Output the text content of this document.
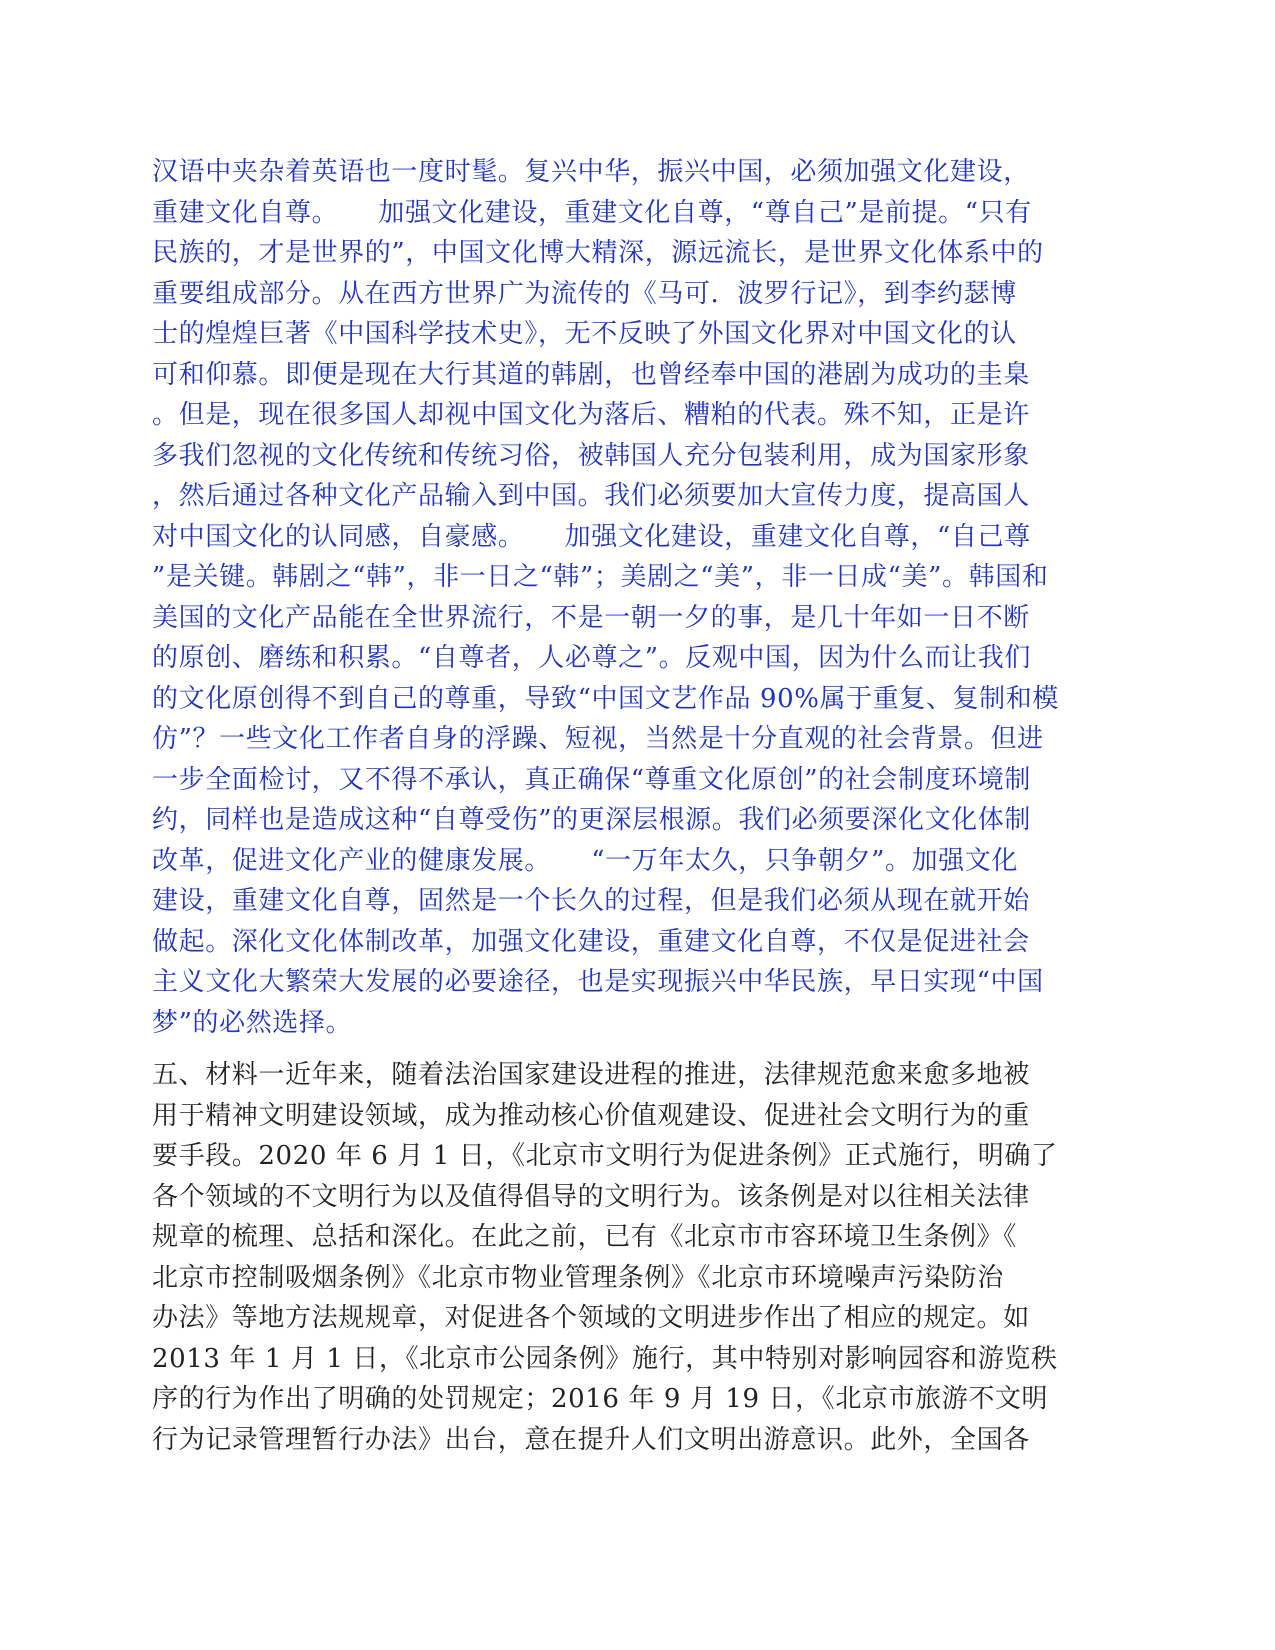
汉语中夹杂着英语也一度时髦。复兴中华，振兴中国，必须加强文化建设，
重建文化自尊。　　加强文化建设，重建文化自尊，“尊自己”是前提。“只有
民族的，才是世界的”，中国文化博大精深，源远流长，是世界文化体系中的
重要组成部分。从在西方世界广为流传的《马可．波罗行记》，到李约瑟博
士的煌煌巨著《中国科学技术史》，无不反映了外国文化界对中国文化的认
可和仰慕。即便是现在大行其道的韩剧，也曾经奉中国的港剧为成功的圭臬
。但是，现在很多国人却视中国文化为落后、糟粕的代表。殊不知，正是许
多我们忽视的文化传统和传统习俗，被韩国人充分包装利用，成为国家形象
，然后通过各种文化产品输入到中国。我们必须要加大宣传力度，提高国人
对中国文化的认同感，自豪感。　　加强文化建设，重建文化自尊，“自己尊
”是关键。韩剧之“韩”，非一日之“韩”；美剧之“美”，非一日成“美”。韩国和
美国的文化产品能在全世界流行，不是一朝一夕的事，是几十年如一日不断
的原创、磨练和积累。“自尊者，人必尊之”。反观中国，因为什么而让我们
的文化原创得不到自己的尊重，导致“中国文艺作品 90%属于重复、复制和模
仿”？一些文化工作者自身的浮躁、短视，当然是十分直观的社会背景。但进
一步全面检讨，又不得不承认，真正确保“尊重文化原创”的社会制度环境制
约，同样也是造成这种“自尊受伤”的更深层根源。我们必须要深化文化体制
改革，促进文化产业的健康发展。　　“一万年太久，只争朝夕”。加强文化
建设，重建文化自尊，固然是一个长久的过程，但是我们必须从现在就开始
做起。深化文化体制改革，加强文化建设，重建文化自尊，不仅是促进社会
主义文化大繁荣大发展的必要途径，也是实现振兴中华民族，早日实现“中国
梦”的必然选择。
五、材料一近年来，随着法治国家建设进程的推进，法律规范愈来愈多地被
用于精神文明建设领域，成为推动核心价值观建设、促进社会文明行为的重
要手段。2020 年 6 月 1 日，《北京市文明行为促进条例》正式施行，明确了
各个领域的不文明行为以及值得倡导的文明行为。该条例是对以往相关法律
规章的梳理、总括和深化。在此之前，已有《北京市市容环境卫生条例》《
北京市控制吸烟条例》《北京市物业管理条例》《北京市环境噪声污染防治
办法》等地方法规规章，对促进各个领域的文明进步作出了相应的规定。如
2013 年 1 月 1 日，《北京市公园条例》施行，其中特别对影响园容和游览秩
序的行为作出了明确的处罚规定；2016 年 9 月 19 日，《北京市旅游不文明
行为记录管理暂行办法》出台，意在提升人们文明出游意识。此外，全国各
